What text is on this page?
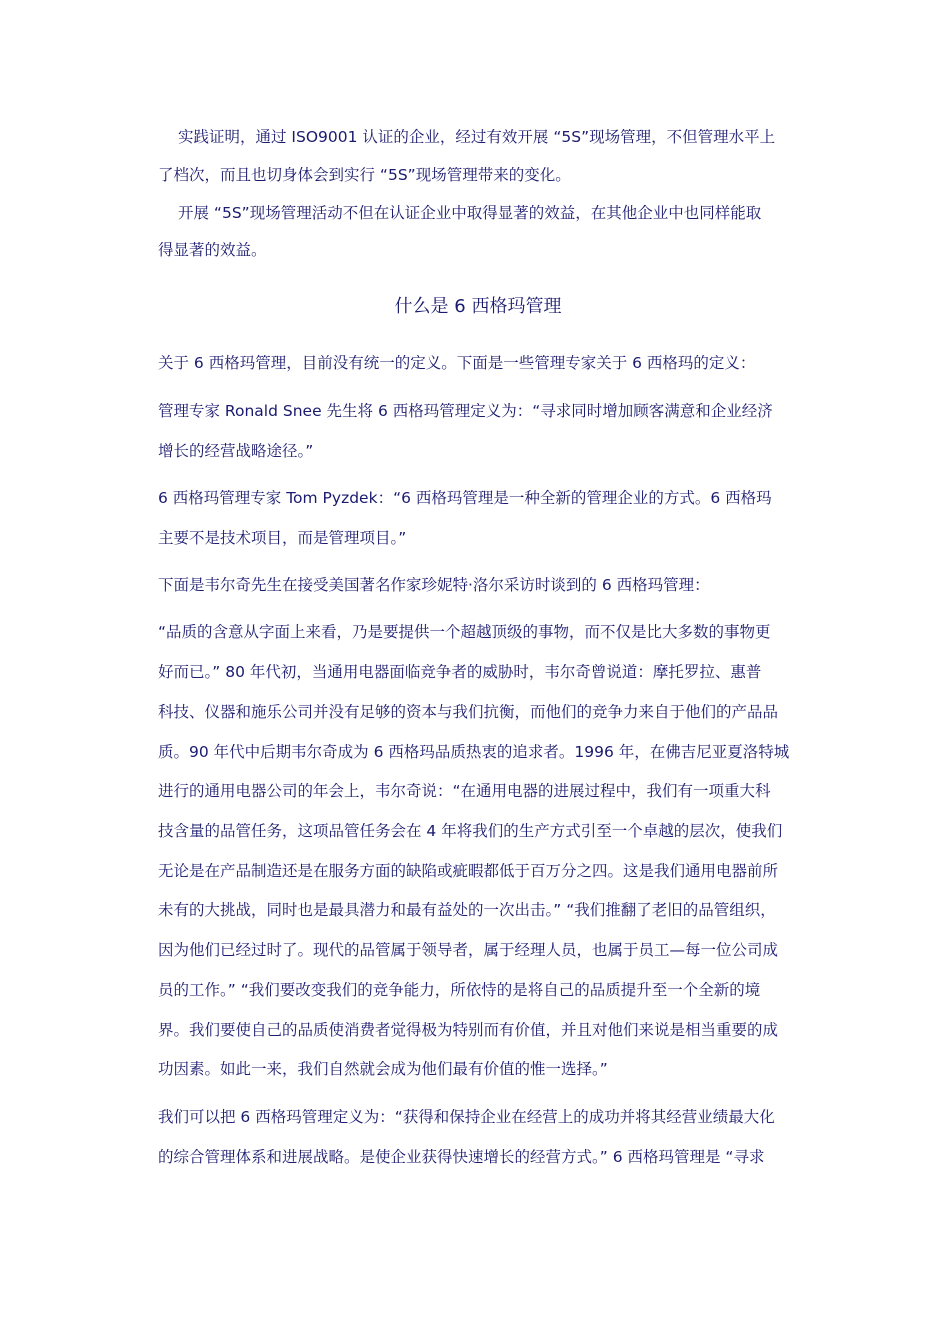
实践证明，通过 ISO9001 认证的企业，经过有效开展 “5S”现场管理，不但管理水平上
了档次，而且也切身体会到实行 “5S”现场管理带来的变化。
开展 “5S”现场管理活动不但在认证企业中取得显著的效益，在其他企业中也同样能取
得显著的效益。
什么是 6 西格玛管理
关于 6 西格玛管理，目前没有统一的定义。下面是一些管理专家关于 6 西格玛的定义：
管理专家 Ronald Snee 先生将 6 西格玛管理定义为：“寻求同时增加顾客满意和企业经济
增长的经营战略途径。”
6 西格玛管理专家 Tom Pyzdek：“6 西格玛管理是一种全新的管理企业的方式。6 西格玛
主要不是技术项目，而是管理项目。”
下面是韦尔奇先生在接受美国著名作家珍妮特·洛尔采访时谈到的 6 西格玛管理：
“品质的含意从字面上来看，乃是要提供一个超越顶级的事物，而不仅是比大多数的事物更
好而已。” 80 年代初，当通用电器面临竞争者的威胁时，韦尔奇曾说道：摩托罗拉、惠普
科技、仪器和施乐公司并没有足够的资本与我们抗衡，而他们的竞争力来自于他们的产品品
质。90 年代中后期韦尔奇成为 6 西格玛品质热衷的追求者。1996 年，在佛吉尼亚夏洛特城
进行的通用电器公司的年会上，韦尔奇说：“在通用电器的进展过程中，我们有一项重大科
技含量的品管任务，这项品管任务会在 4 年将我们的生产方式引至一个卓越的层次，使我们
无论是在产品制造还是在服务方面的缺陷或疵暇都低于百万分之四。这是我们通用电器前所
未有的大挑战，同时也是最具潜力和最有益处的一次出击。” “我们推翻了老旧的品管组织，
因为他们已经过时了。现代的品管属于领导者，属于经理人员，也属于员工—每一位公司成
员的工作。” “我们要改变我们的竞争能力，所依恃的是将自己的品质提升至一个全新的境
界。我们要使自己的品质使消费者觉得极为特别而有价值，并且对他们来说是相当重要的成
功因素。如此一来，我们自然就会成为他们最有价值的惟一选择。”
我们可以把 6 西格玛管理定义为：“获得和保持企业在经营上的成功并将其经营业绩最大化
的综合管理体系和进展战略。是使企业获得快速增长的经营方式。” 6 西格玛管理是 “寻求
